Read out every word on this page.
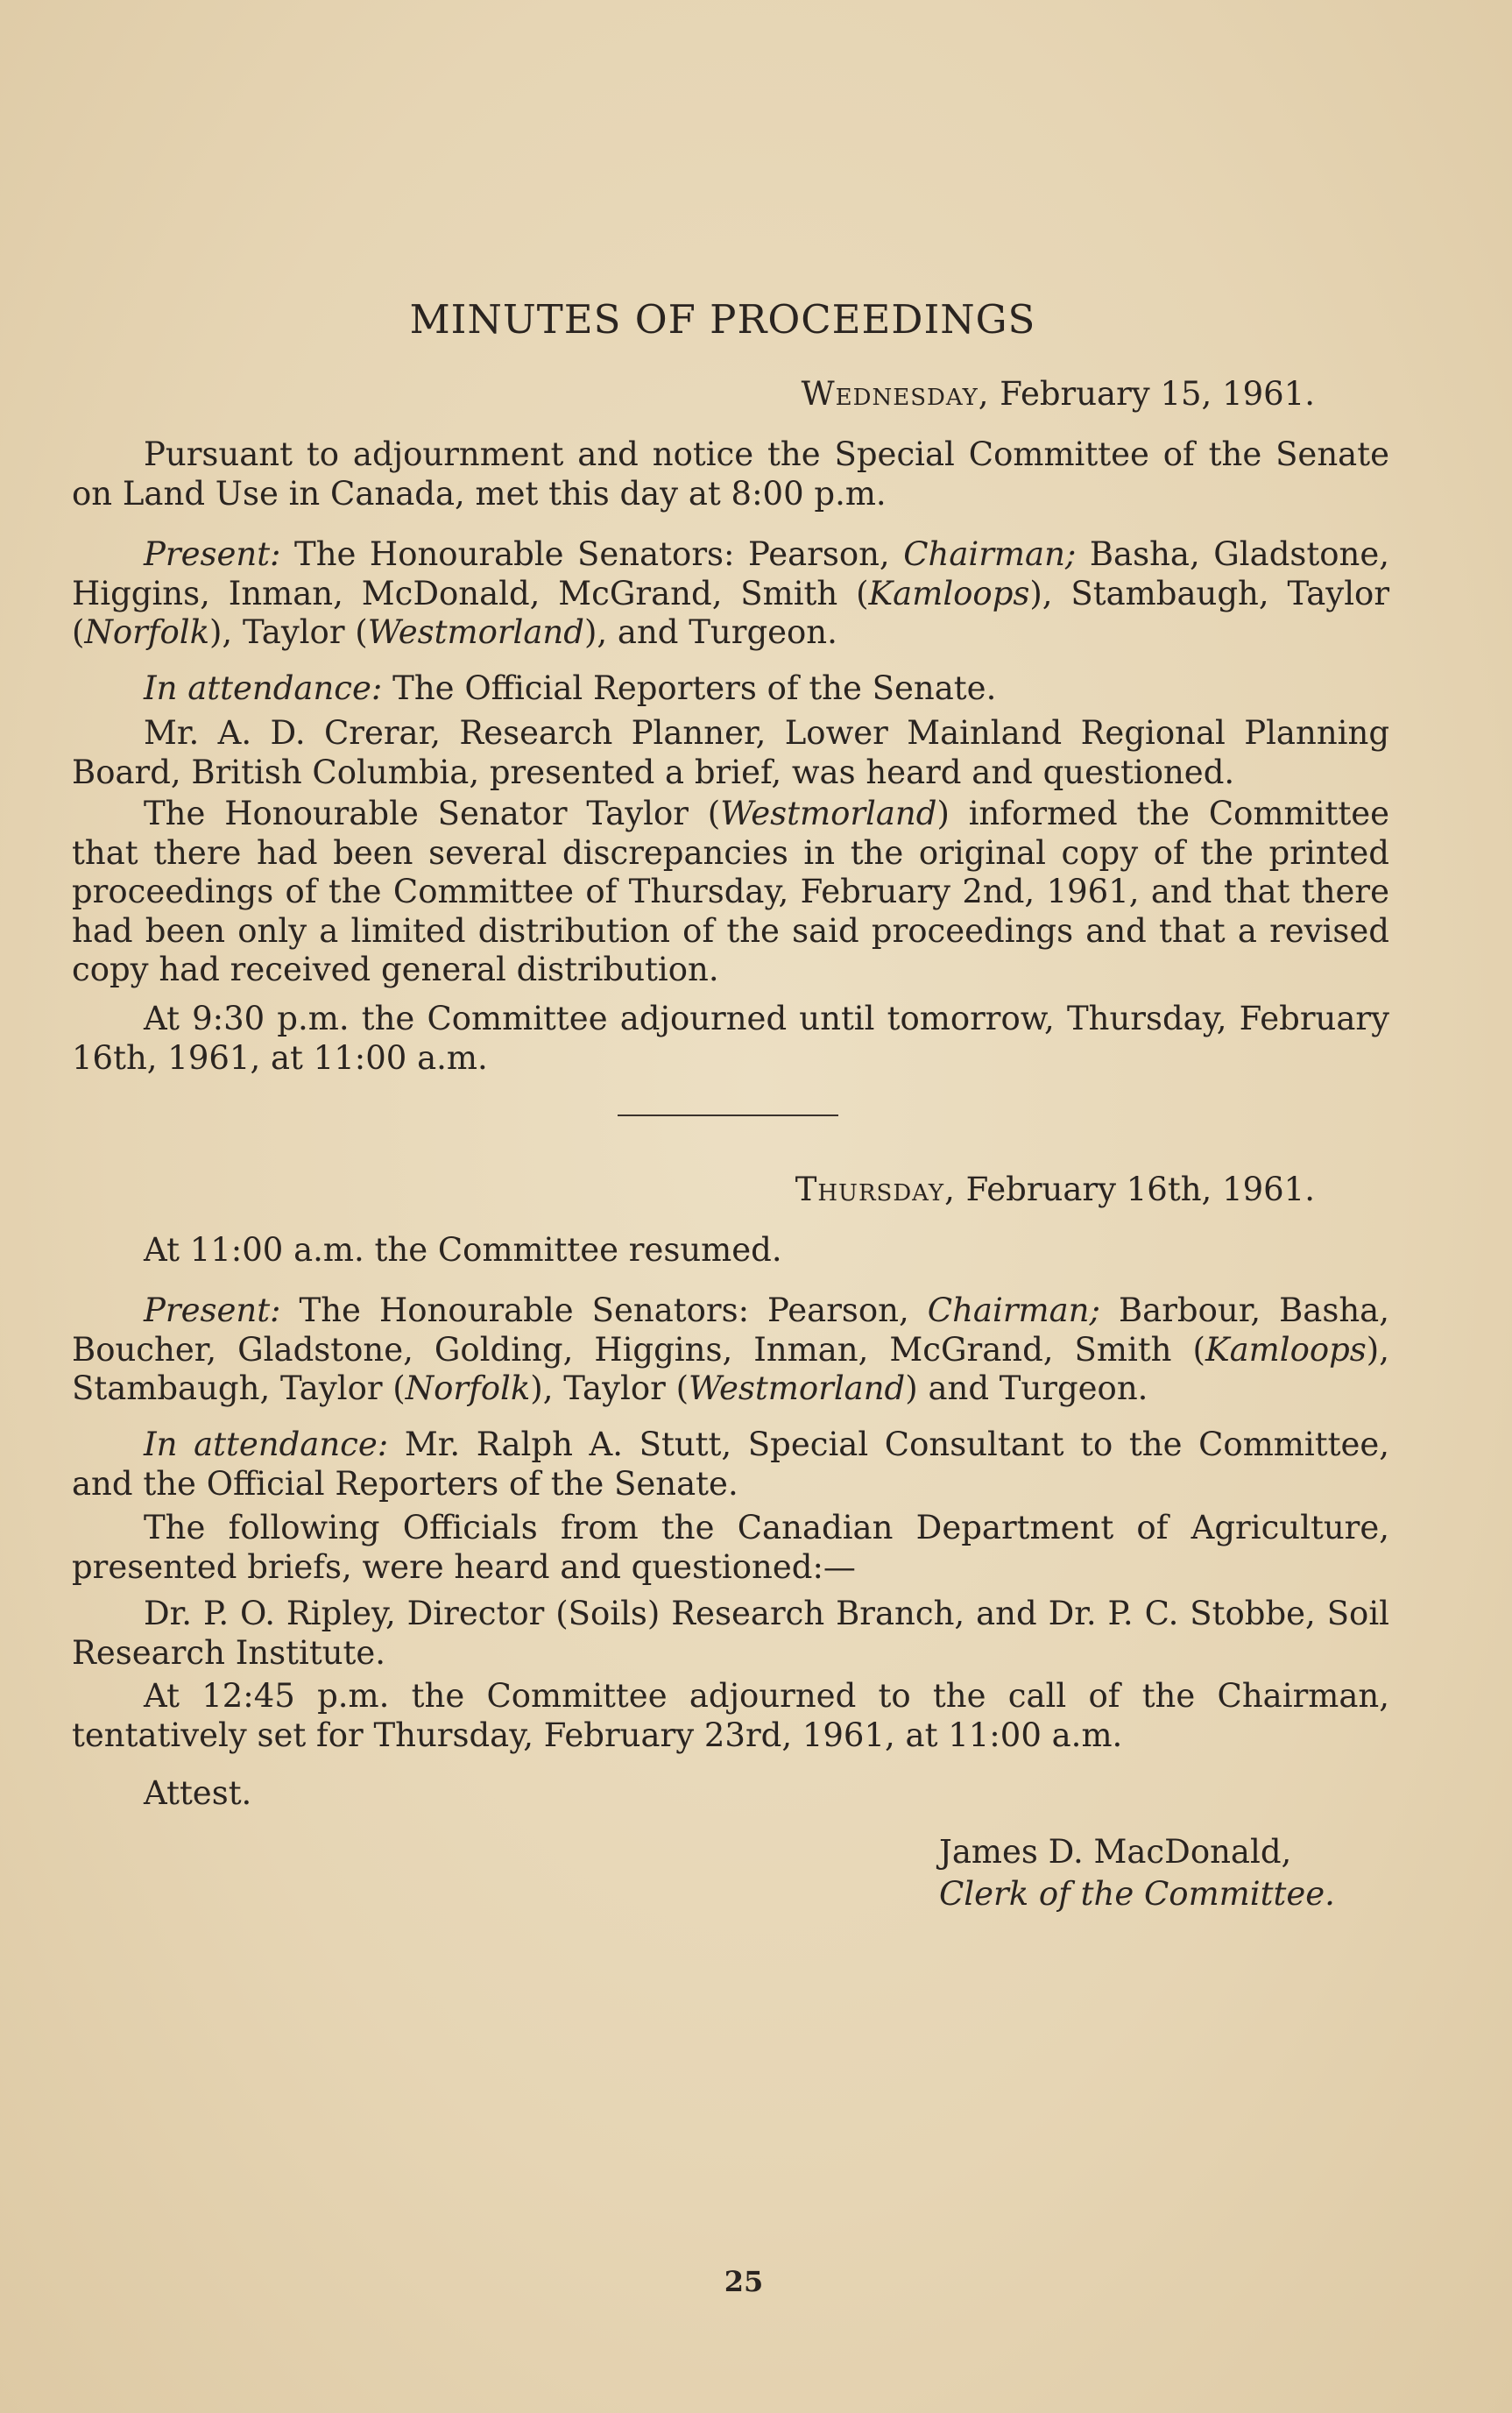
MINUTES OF PROCEEDINGS

Wednesday, February 15, 1961.

Pursuant to adjournment and notice the Special Committee of the Senate on Land Use in Canada, met this day at 8:00 p.m.

Present: The Honourable Senators: Pearson, Chairman; Basha, Gladstone, Higgins, Inman, McDonald, McGrand, Smith (Kamloops), Stambaugh, Taylor (Norfolk), Taylor (Westmorland), and Turgeon.

In attendance: The Official Reporters of the Senate.

Mr. A. D. Crerar, Research Planner, Lower Mainland Regional Planning Board, British Columbia, presented a brief, was heard and questioned.

The Honourable Senator Taylor (Westmorland) informed the Committee that there had been several discrepancies in the original copy of the printed proceedings of the Committee of Thursday, February 2nd, 1961, and that there had been only a limited distribution of the said proceedings and that a revised copy had received general distribution.

At 9:30 p.m. the Committee adjourned until tomorrow, Thursday, February 16th, 1961, at 11:00 a.m.

Thursday, February 16th, 1961.

At 11:00 a.m. the Committee resumed.

Present: The Honourable Senators: Pearson, Chairman; Barbour, Basha, Boucher, Gladstone, Golding, Higgins, Inman, McGrand, Smith (Kamloops), Stambaugh, Taylor (Norfolk), Taylor (Westmorland) and Turgeon.

In attendance: Mr. Ralph A. Stutt, Special Consultant to the Committee, and the Official Reporters of the Senate.

The following Officials from the Canadian Department of Agriculture, presented briefs, were heard and questioned:—

Dr. P. O. Ripley, Director (Soils) Research Branch, and Dr. P. C. Stobbe, Soil Research Institute.

At 12:45 p.m. the Committee adjourned to the call of the Chairman, tentatively set for Thursday, February 23rd, 1961, at 11:00 a.m.

Attest.

James D. MacDonald,

Clerk of the Committee.

25
